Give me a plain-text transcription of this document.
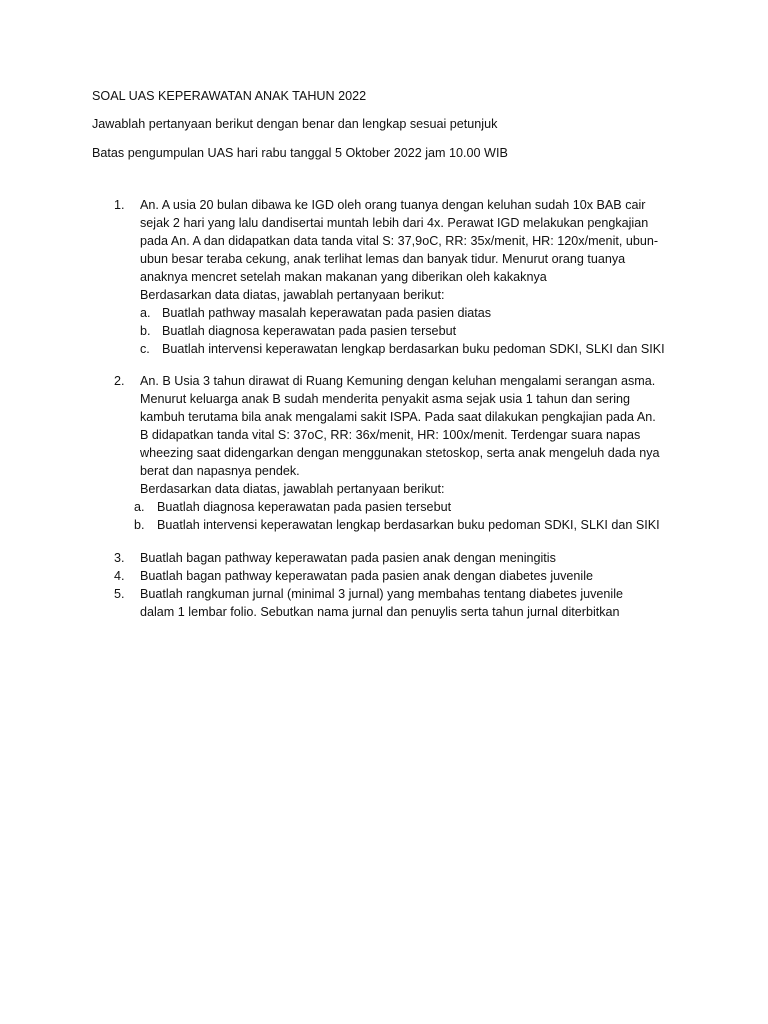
SOAL UAS KEPERAWATAN ANAK TAHUN 2022
Jawablah pertanyaan berikut dengan benar dan lengkap sesuai petunjuk
Batas pengumpulan UAS hari rabu tanggal 5 Oktober 2022 jam 10.00 WIB
1. An. A usia 20 bulan dibawa ke IGD oleh orang tuanya dengan keluhan sudah 10x BAB cair
sejak 2 hari yang lalu dandisertai muntah lebih dari 4x. Perawat IGD melakukan pengkajian
pada An. A dan didapatkan data tanda vital S: 37,9oC, RR: 35x/menit, HR: 120x/menit, ubun-
ubun besar teraba cekung, anak terlihat lemas dan banyak tidur. Menurut orang tuanya
anaknya mencret setelah makan makanan yang diberikan oleh kakaknya
Berdasarkan data diatas, jawablah pertanyaan berikut:
a. Buatlah pathway masalah keperawatan pada pasien diatas
b. Buatlah diagnosa keperawatan pada pasien tersebut
c. Buatlah intervensi keperawatan lengkap berdasarkan buku pedoman SDKI, SLKI dan SIKI
2. An. B Usia 3 tahun dirawat di Ruang Kemuning dengan keluhan mengalami serangan asma.
Menurut keluarga anak B sudah menderita penyakit asma sejak usia 1 tahun dan sering
kambuh terutama bila anak mengalami sakit ISPA. Pada saat dilakukan pengkajian pada An.
B didapatkan tanda vital S: 37oC, RR: 36x/menit, HR: 100x/menit. Terdengar suara napas
wheezing saat didengarkan dengan menggunakan stetoskop, serta anak mengeluh dada nya
berat dan napasnya pendek.
Berdasarkan data diatas, jawablah pertanyaan berikut:
a. Buatlah diagnosa keperawatan pada pasien tersebut
b. Buatlah intervensi keperawatan lengkap berdasarkan buku pedoman SDKI, SLKI dan SIKI
3. Buatlah bagan pathway keperawatan pada pasien anak dengan meningitis
4. Buatlah bagan pathway keperawatan pada pasien anak dengan diabetes juvenile
5. Buatlah rangkuman jurnal (minimal 3 jurnal) yang membahas tentang diabetes juvenile
dalam 1 lembar folio. Sebutkan nama jurnal dan penuylis serta tahun jurnal diterbitkan
